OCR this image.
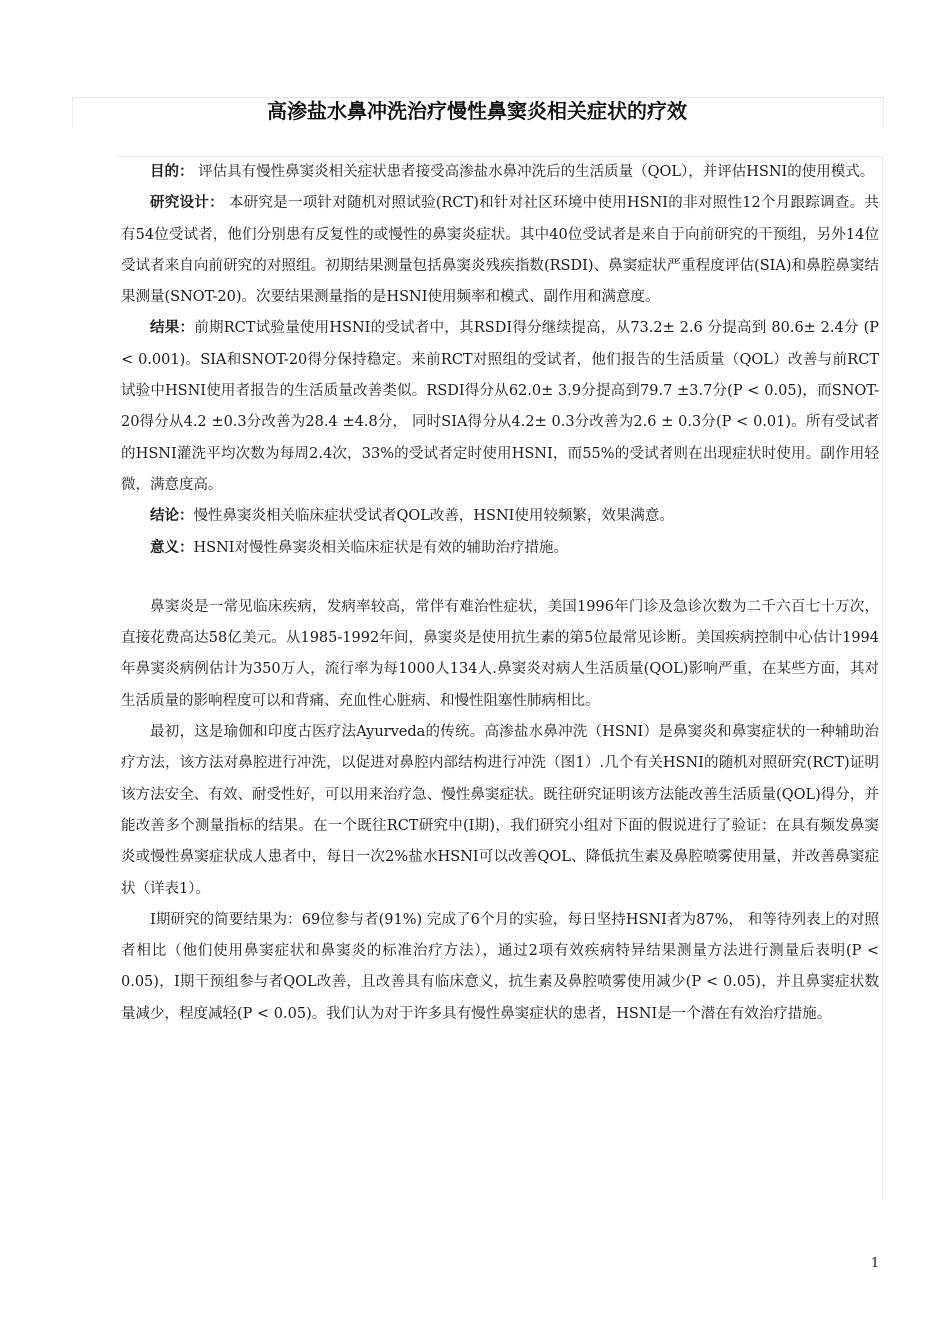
高渗盐水鼻冲洗治疗慢性鼻窦炎相关症状的疗效

目的： 评估具有慢性鼻窦炎相关症状患者接受高渗盐水鼻冲洗后的生活质量（QOL），并评估HSNI的使用模式。

研究设计： 本研究是一项针对随机对照试验(RCT)和针对社区环境中使用HSNI的非对照性12个月跟踪调查。共有54位受试者，他们分别患有反复性的或慢性的鼻窦炎症状。其中40位受试者是来自于向前研究的干预组，另外14位受试者来自向前研究的对照组。初期结果测量包括鼻窦炎残疾指数(RSDI)、鼻窦症状严重程度评估(SIA)和鼻腔鼻窦结果测量(SNOT-20)。次要结果测量指的是HSNI使用频率和模式、副作用和满意度。

结果：前期RCT试验量使用HSNI的受试者中，其RSDI得分继续提高，从73.2± 2.6 分提高到 80.6± 2.4分 (P < 0.001)。SIA和SNOT-20得分保持稳定。来前RCT对照组的受试者，他们报告的生活质量（QOL）改善与前RCT试验中HSNI使用者报告的生活质量改善类似。RSDI得分从62.0± 3.9分提高到79.7 ±3.7分(P < 0.05)，而SNOT-20得分从4.2 ±0.3分改善为28.4 ±4.8分， 同时SIA得分从4.2± 0.3分改善为2.6 ± 0.3分(P < 0.01)。所有受试者的HSNI灌洗平均次数为每周2.4次，33%的受试者定时使用HSNI，而55%的受试者则在出现症状时使用。副作用轻微，满意度高。

结论：慢性鼻窦炎相关临床症状受试者QOL改善，HSNI使用较频繁，效果满意。

意义：HSNI对慢性鼻窦炎相关临床症状是有效的辅助治疗措施。

鼻窦炎是一常见临床疾病，发病率较高，常伴有难治性症状，美国1996年门诊及急诊次数为二千六百七十万次，直接花费高达58亿美元。从1985-1992年间，鼻窦炎是使用抗生素的第5位最常见诊断。美国疾病控制中心估计1994年鼻窦炎病例估计为350万人，流行率为每1000人134人.鼻窦炎对病人生活质量(QOL)影响严重，在某些方面，其对生活质量的影响程度可以和背痛、充血性心脏病、和慢性阻塞性肺病相比。

最初，这是瑜伽和印度古医疗法Ayurveda的传统。高渗盐水鼻冲洗（HSNI）是鼻窦炎和鼻窦症状的一种辅助治疗方法，该方法对鼻腔进行冲洗，以促进对鼻腔内部结构进行冲洗（图1）.几个有关HSNI的随机对照研究(RCT)证明该方法安全、有效、耐受性好，可以用来治疗急、慢性鼻窦症状。既往研究证明该方法能改善生活质量(QOL)得分，并能改善多个测量指标的结果。在一个既往RCT研究中(I期)，我们研究小组对下面的假说进行了验证：在具有频发鼻窦炎或慢性鼻窦症状成人患者中，每日一次2%盐水HSNI可以改善QOL、降低抗生素及鼻腔喷雾使用量，并改善鼻窦症状（详表1）。

I期研究的简要结果为：69位参与者(91%) 完成了6个月的实验，每日坚持HSNI者为87%， 和等待列表上的对照者相比（他们使用鼻窦症状和鼻窦炎的标准治疗方法），通过2项有效疾病特异结果测量方法进行测量后表明(P < 0.05)，I期干预组参与者QOL改善，且改善具有临床意义，抗生素及鼻腔喷雾使用减少(P < 0.05)，并且鼻窦症状数量减少，程度减轻(P < 0.05)。我们认为对于许多具有慢性鼻窦症状的患者，HSNI是一个潜在有效治疗措施。

1
